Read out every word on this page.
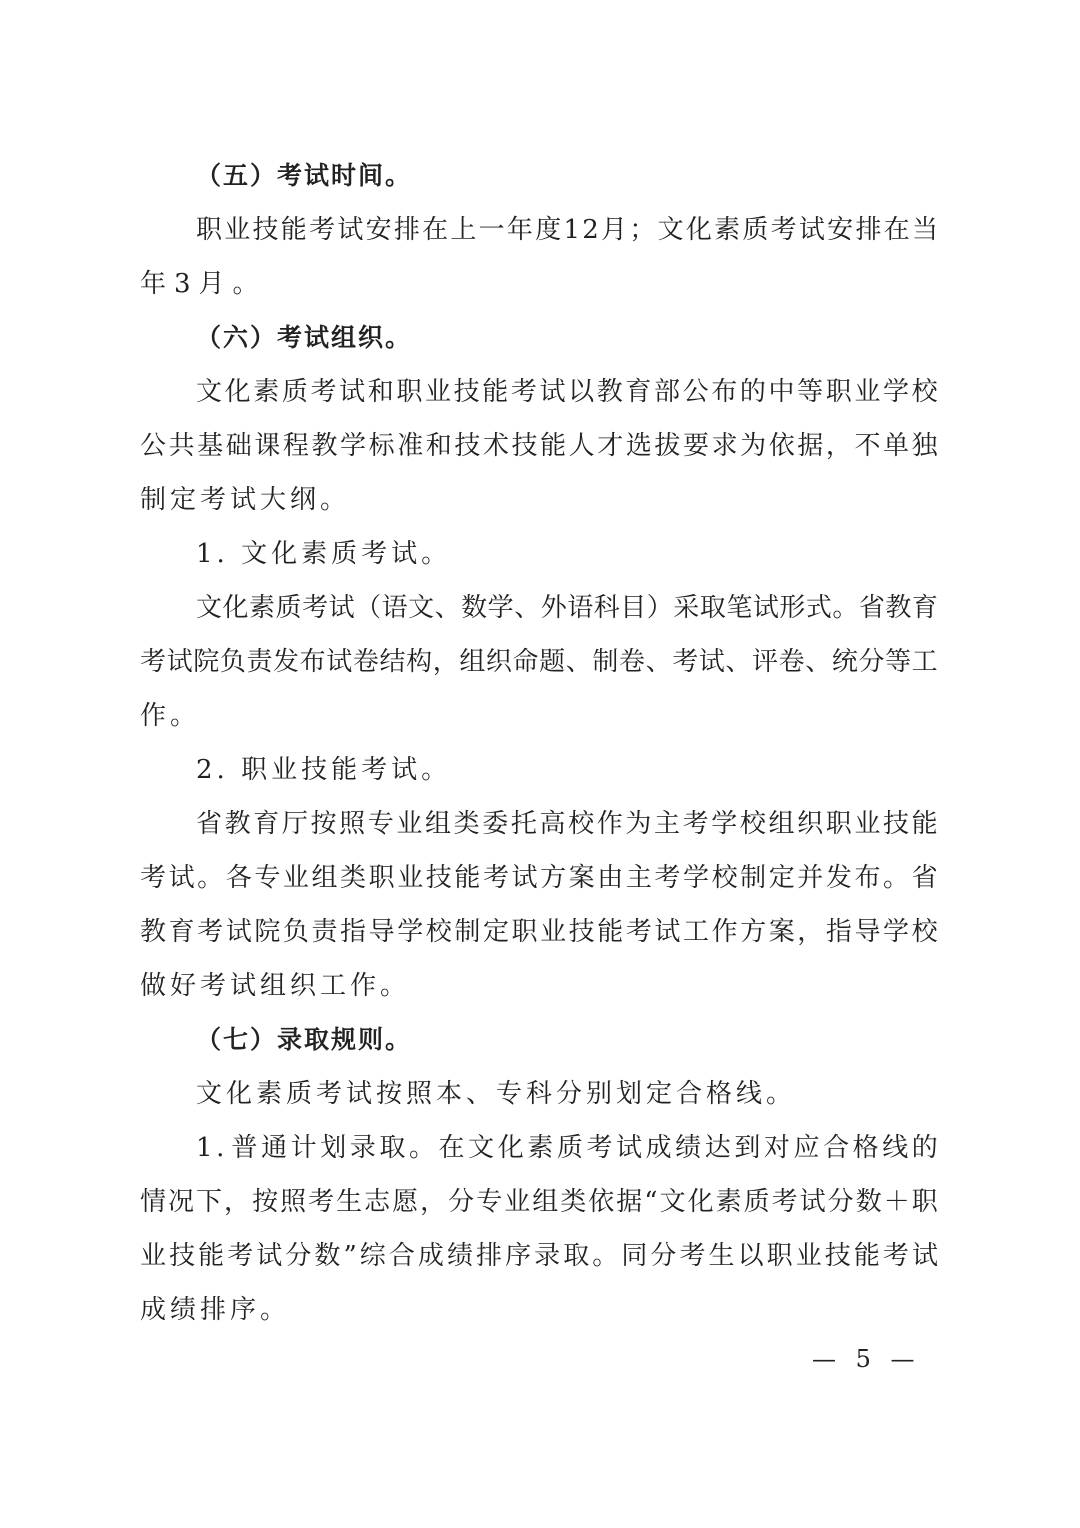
（五）考试时间。
职 业 技 能 考 试 安 排 在 上 一 年 度 1 2 月 ； 文 化 素 质 考 试 安 排 在 当
年3月。
（六）考试组织。
文 化 素 质 考 试 和 职 业 技 能 考 试 以 教 育 部 公 布 的 中 等 职 业 学 校
公 共 基 础 课 程 教 学 标 准 和 技 术 技 能 人 才 选 拔 要 求 为 依 据 ， 不 单 独
制定考试大纲。
1. 文化素质考试。
文 化 素 质 考 试 （ 语 文 、 数 学 、 外 语 科 目 ） 采 取 笔 试 形 式 。 省 教 育
考 试 院 负 责 发 布 试 卷 结 构 ， 组 织 命 题 、 制 卷 、 考 试 、 评 卷 、 统 分 等 工
作。
2. 职业技能考试。
省 教 育 厅 按 照 专 业 组 类 委 托 高 校 作 为 主 考 学 校 组 织 职 业 技 能
考 试 。 各 专 业 组 类 职 业 技 能 考 试 方 案 由 主 考 学 校 制 定 并 发 布 。 省
教 育 考 试 院 负 责 指 导 学 校 制 定 职 业 技 能 考 试 工 作 方 案 ， 指 导 学 校
做好考试组织工作。
（七）录取规则。
文化素质考试按照本、专科分别划定合格线。
1 . 普 通 计 划 录 取 。 在 文 化 素 质 考 试 成 绩 达 到 对 应 合 格 线 的
情 况 下 ， 按 照 考 生 志 愿 ， 分 专 业 组 类 依 据 “ 文 化 素 质 考 试 分 数 ＋ 职
业 技 能 考 试 分 数 ” 综 合 成 绩 排 序 录 取 。 同 分 考 生 以 职 业 技 能 考 试
成绩排序。
— 5 —
